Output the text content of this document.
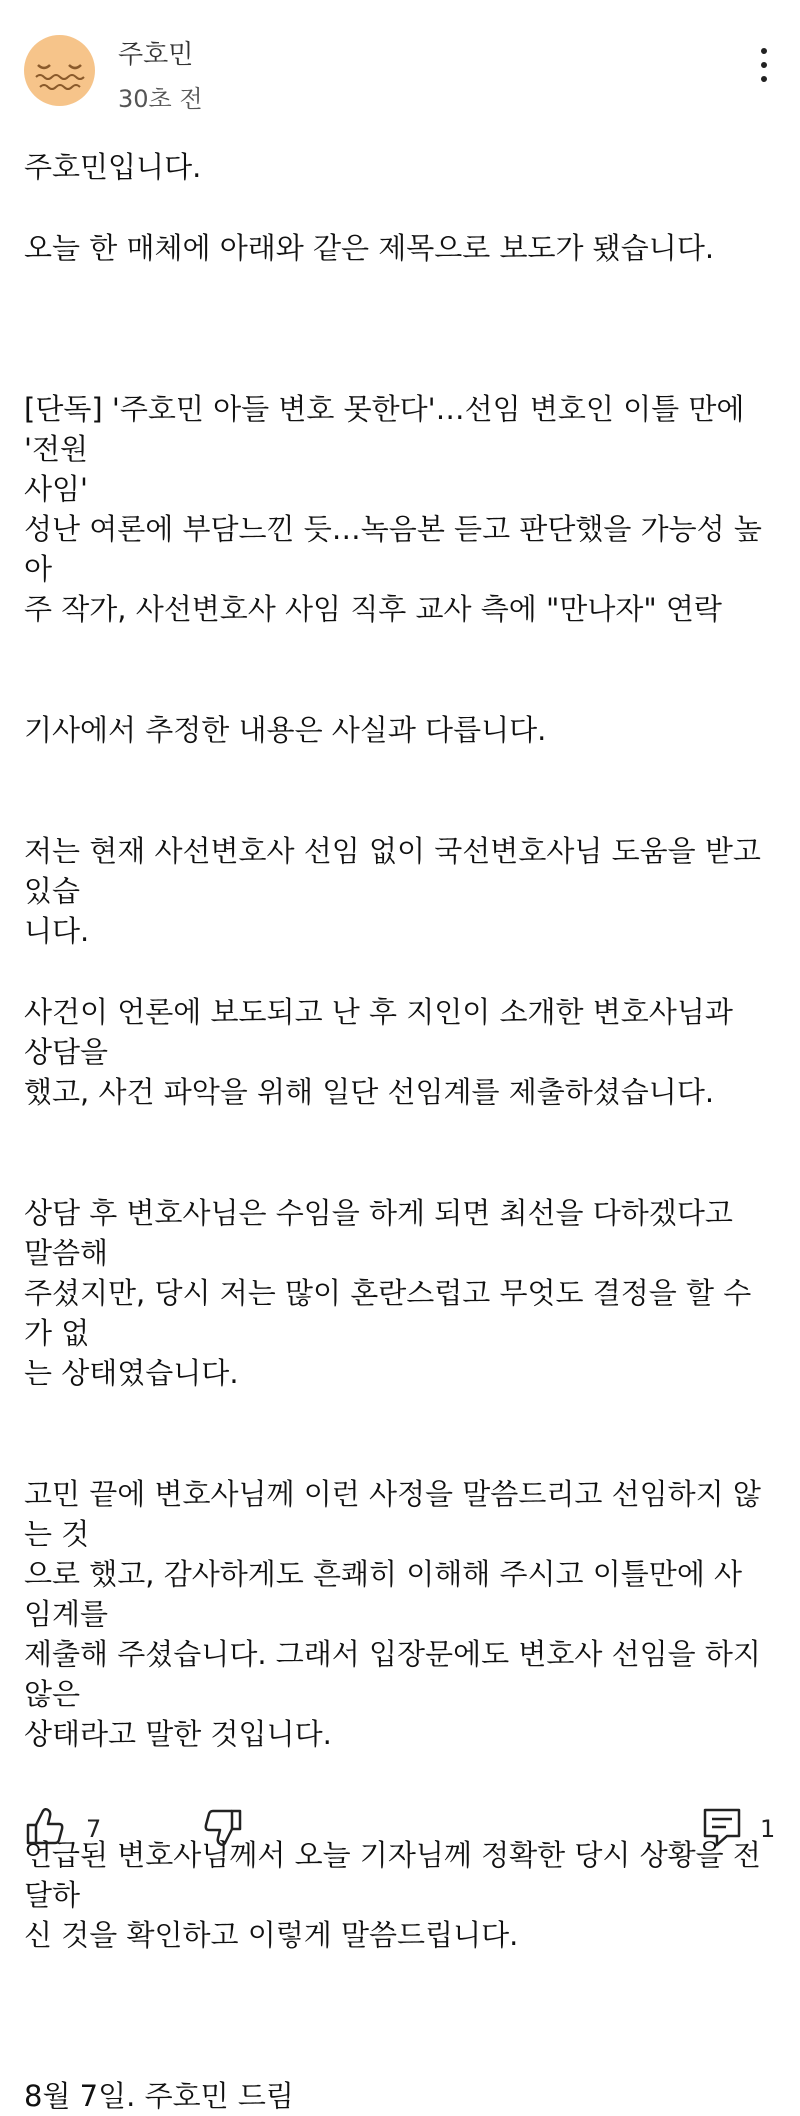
주호민
30초 전

주호민입니다.

오늘 한 매체에 아래와 같은 제목으로 보도가 됐습니다.

[단독] '주호민 아들 변호 못한다'…선임 변호인 이틀 만에 '전원
사임'
성난 여론에 부담느낀 듯…녹음본 듣고 판단했을 가능성 높아
주 작가, 사선변호사 사임 직후 교사 측에 "만나자" 연락

기사에서 추정한 내용은 사실과 다릅니다.

저는 현재 사선변호사 선임 없이 국선변호사님 도움을 받고 있습
니다.

사건이 언론에 보도되고 난 후 지인이 소개한 변호사님과 상담을
했고, 사건 파악을 위해 일단 선임계를 제출하셨습니다.

상담 후 변호사님은 수임을 하게 되면 최선을 다하겠다고 말씀해
주셨지만, 당시 저는 많이 혼란스럽고 무엇도 결정을 할 수가 없
는 상태였습니다.

고민 끝에 변호사님께 이런 사정을 말씀드리고 선임하지 않는 것
으로 했고, 감사하게도 흔쾌히 이해해 주시고 이틀만에 사임계를
제출해 주셨습니다. 그래서 입장문에도 변호사 선임을 하지 않은
상태라고 말한 것입니다.

언급된 변호사님께서 오늘 기자님께 정확한 당시 상황을 전달하
신 것을 확인하고 이렇게 말씀드립니다.

8월 7일. 주호민 드림

7	1
